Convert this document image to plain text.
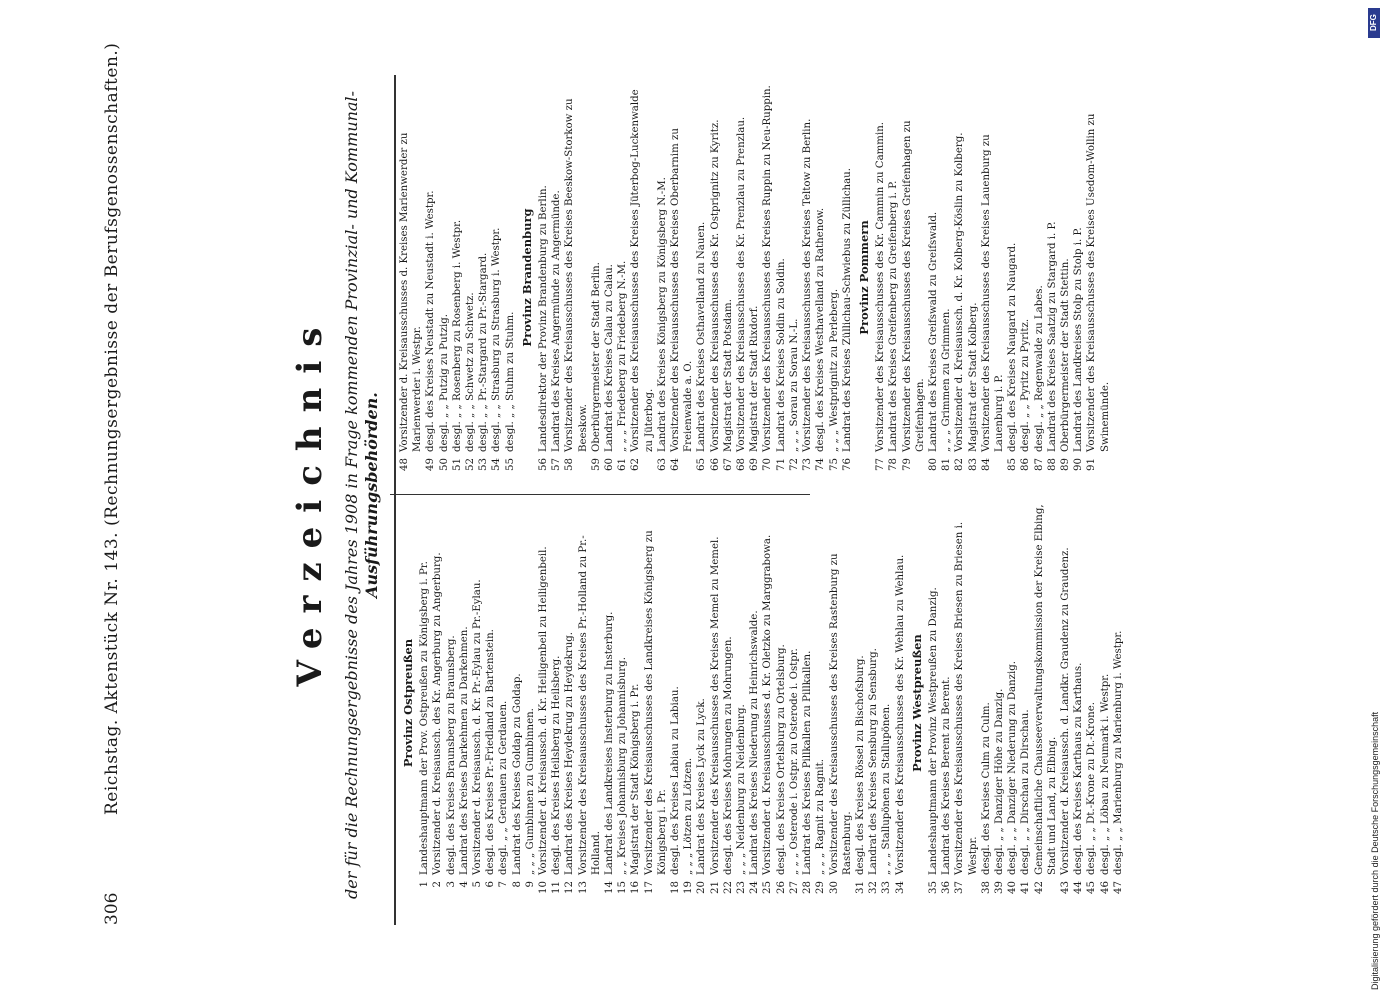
306
Reichstag. Aktenstück Nr. 143. (Rechnungsergebnisse der Berufsgenossenschaften.)	Verzeichnis der für die Rechnungsergebnisse des Jahres 1908 in Frage kommenden Provinzial- und Kommunal- Ausführungsbehörden.
Provinz Ostpreußen
1
Landeshauptmann der Prov. Ostpreußen zu Königsberg i. Pr.
2
Vorsitzender d. Kreisaussch. des Kr. Angerburg zu Angerburg.
3
desgl. des Kreises Braunsberg zu Braunsberg.
4
Landrat des Kreises Darkehmen zu Darkehmen.
5
Vorsitzender d. Kreisaussch. d. Kr. Pr.-Eylau zu Pr.-Eylau.
6
desgl. des Kreises Pr.-Friedland zu Bartenstein.
7
desgl. „ „ Gerdauen zu Gerdauen.
8
Landrat des Kreises Goldap zu Goldap.
9
„ „ „ Gumbinnen zu Gumbinnen.
10
Vorsitzender d. Kreisaussch. d. Kr. Heiligenbeil zu Heiligenbeil.
11
desgl. des Kreises Heilsberg zu Heilsberg.
12
Landrat des Kreises Heydekrug zu Heydekrug.
13
Vorsitzender des Kreisausschusses des Kreises Pr.-Holland zu Pr.-Holland.
14
Landrat des Landkreises Insterburg zu Insterburg.
15
„ „ Kreises Johannisburg zu Johannisburg.
16
Magistrat der Stadt Königsberg i. Pr.
17
Vorsitzender des Kreisausschusses des Landkreises Königsberg zu Königsberg i. Pr.
18
desgl. des Kreises Labiau zu Labiau.
19
„ „ „ Lötzen zu Lötzen.
20
Landrat des Kreises Lyck zu Lyck.
21
Vorsitzender des Kreisausschusses des Kreises Memel zu Memel.
22
desgl. des Kreises Mohrungen zu Mohrungen.
23
„ „ „ Neidenburg zu Neidenburg.
24
Landrat des Kreises Niederung zu Heinrichswalde.
25
Vorsitzender d. Kreisausschusses d. Kr. Oletzko zu Marggrabowa.
26
desgl. des Kreises Ortelsburg zu Ortelsburg.
27
„ „ „ Osterode i. Ostpr. zu Osterode i. Ostpr.
28
Landrat des Kreises Pillkallen zu Pillkallen.
29
„ „ „ Ragnit zu Ragnit.
30
Vorsitzender des Kreisausschusses des Kreises Rastenburg zu Rastenburg.
31
desgl. des Kreises Rössel zu Bischofsburg.
32
Landrat des Kreises Sensburg zu Sensburg.
33
„ „ „ Stallupönen zu Stallupönen.
34
Vorsitzender des Kreisausschusses des Kr. Wehlau zu Wehlau. Provinz Westpreußen
35
Landeshauptmann der Provinz Westpreußen zu Danzig.
36
Landrat des Kreises Berent zu Berent.
37
Vorsitzender des Kreisausschusses des Kreises Briesen zu Briesen i. Westpr.
38
desgl. des Kreises Culm zu Culm.
39
desgl. „ „ Danziger Höhe zu Danzig.
40
desgl. „ „ Danziger Niederung zu Danzig.
41
desgl. „ „ Dirschau zu Dirschau.
42
Gemeinschaftliche Chausseeverwaltungskommission der Kreise Elbing, Stadt und Land, zu Elbing.
43
Vorsitzender d. Kreisaussch. d. Landkr. Graudenz zu Graudenz.
44
desgl. des Kreises Karthaus zu Karthaus.
45
desgl. „ „ Dt.-Krone zu Dt.-Krone.
46
desgl. „ „ Löbau zu Neumark i. Westpr.
47
desgl. „ „ Marienburg zu Marienburg i. Westpr.
48
Vorsitzender d. Kreisausschusses d. Kreises Marienwerder zu Marienwerder i. Westpr.
49
desgl. des Kreises Neustadt zu Neustadt i. Westpr.
50
desgl. „ „ Putzig zu Putzig.
51
desgl. „ „ Rosenberg zu Rosenberg i. Westpr.
52
desgl. „ „ Schwetz zu Schwetz.
53
desgl. „ „ Pr.-Stargard zu Pr.-Stargard.
54
desgl. „ „ Strasburg zu Strasburg i. Westpr.
55
desgl. „ „ Stuhm zu Stuhm.
Provinz Brandenburg
56
Landesdirektor der Provinz Brandenburg zu Berlin.
57
Landrat des Kreises Angermünde zu Angermünde.
58
Vorsitzender des Kreisausschusses des Kreises Beeskow-Storkow zu Beeskow.
59
Oberbürgermeister der Stadt Berlin.
60
Landrat des Kreises Calau zu Calau.
61
„ „ „ Friedeberg zu Friedeberg N.-M.
62
Vorsitzender des Kreisausschusses des Kreises Jüterbog-Luckenwalde zu Jüterbog.
63
Landrat des Kreises Königsberg zu Königsberg N.-M.
64
Vorsitzender des Kreisausschusses des Kreises Oberbarnim zu Freienwalde a. O.
65
Landrat des Kreises Osthavelland zu Nauen.
66
Vorsitzender des Kreisausschusses des Kr. Ostprignitz zu Kyritz.
67
Magistrat der Stadt Potsdam.
68
Vorsitzender des Kreisausschusses des Kr. Prenzlau zu Prenzlau.
69
Magistrat der Stadt Rixdorf.
70
Vorsitzender des Kreisausschusses des Kreises Ruppin zu Neu-Ruppin.
71
Landrat des Kreises Soldin zu Soldin.
72
„ „ „ Sorau zu Sorau N.-L.
73
Vorsitzender des Kreisausschusses des Kreises Teltow zu Berlin.
74
desgl. des Kreises Westhavelland zu Rathenow.
75
„ „ „ Westprignitz zu Perleberg.
76
Landrat des Kreises Züllichau-Schwiebus zu Züllichau. Provinz Pommern
77
Vorsitzender des Kreisausschusses des Kr. Cammin zu Cammin.
78
Landrat des Kreises Greifenberg zu Greifenberg i. P.
79
Vorsitzender des Kreisausschusses des Kreises Greifenhagen zu Greifenhagen.
80
Landrat des Kreises Greifswald zu Greifswald.
81
„ „ „ Grimmen zu Grimmen.
82
Vorsitzender d. Kreisaussch. d. Kr. Kolberg-Köslin zu Kolberg.
83
Magistrat der Stadt Kolberg.
84
Vorsitzender des Kreisausschusses des Kreises Lauenburg zu Lauenburg i. P.
85
desgl. des Kreises Naugard zu Naugard.
86
desgl. „ „ Pyritz zu Pyritz.
87
desgl. „ „ Regenwalde zu Labes.
88
Landrat des Kreises Saatzig zu Stargard i. P.
89
Oberbürgermeister der Stadt Stettin.
90
Landrat des Landkreises Stolp zu Stolp i. P.
91
Vorsitzender des Kreisausschusses des Kreises Usedom-Wollin zu Swinemünde.
DFG
Digitalisierung gefördert durch die Deutsche Forschungsgemeinschaft
